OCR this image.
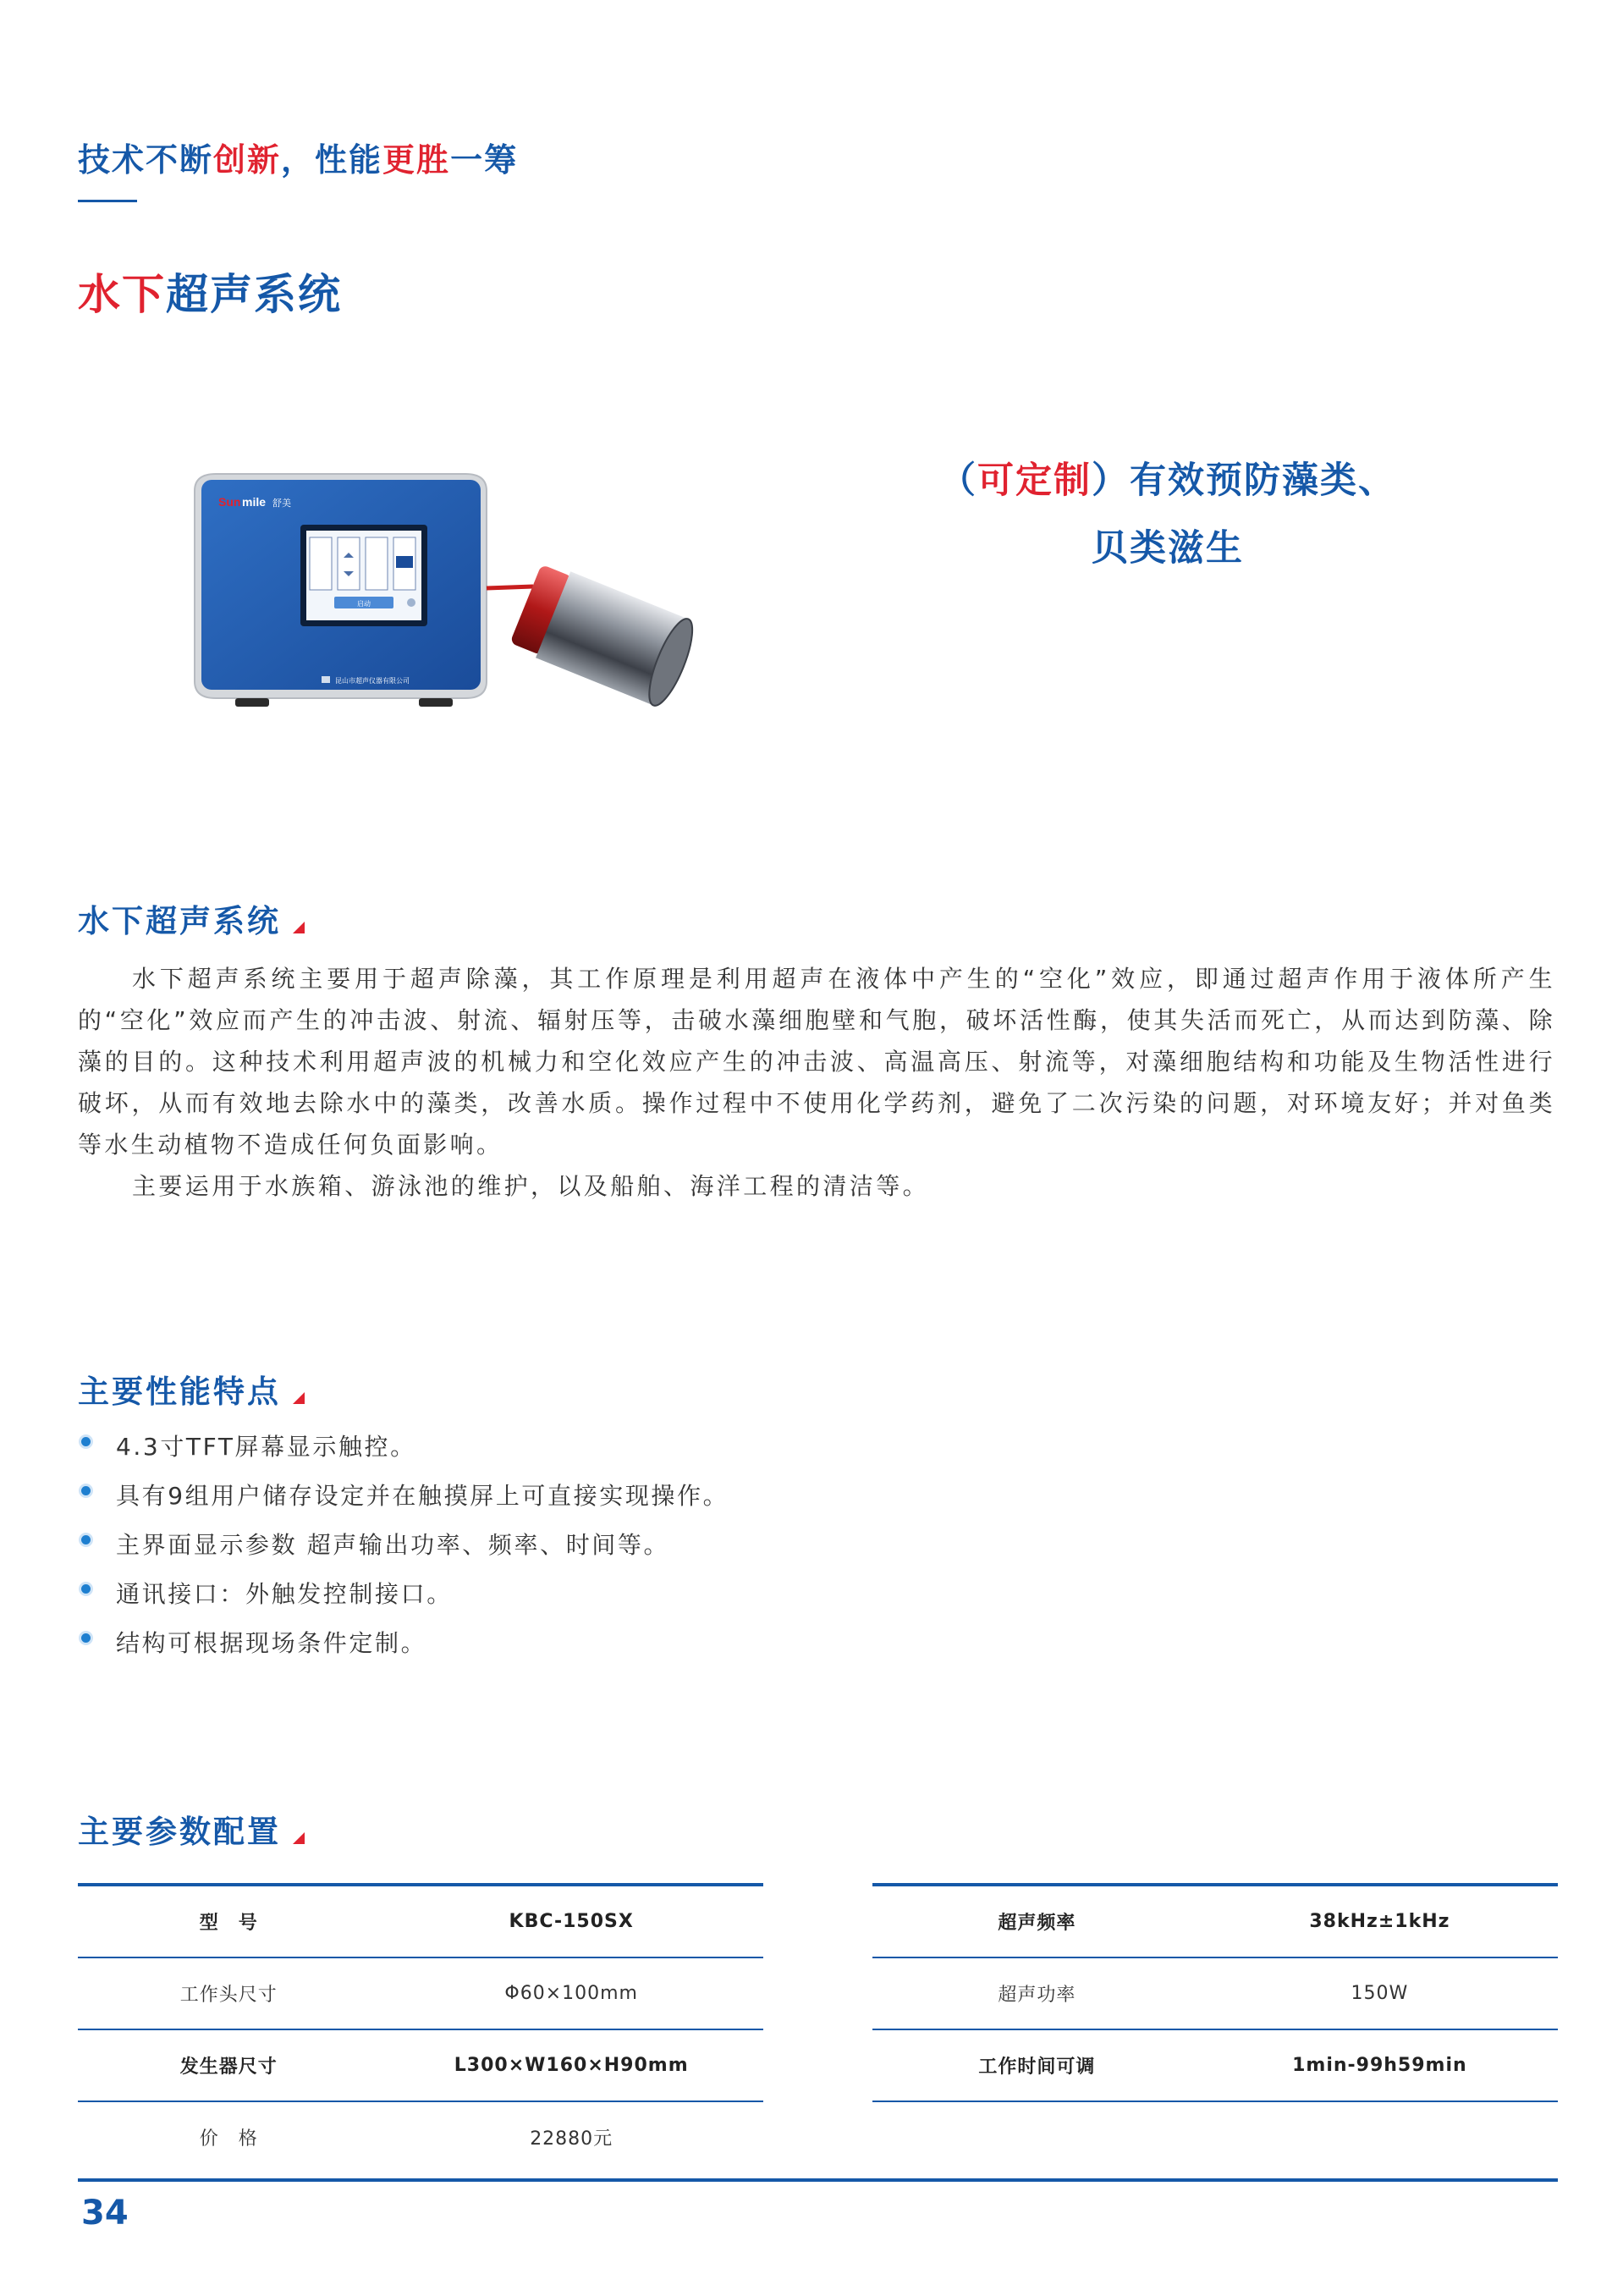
技术不断创新，性能更胜一筹
水下超声系统
Sun mile 舒美
启动
昆山市超声仪器有限公司
（可定制）有效预防藻类、
贝类滋生
水下超声系统

水下超声系统主要用于超声除藻，其工作原理是利用超声在液体中产生的“空化”效应，即通过超声作用于液体所产生的“空化”效应而产生的冲击波、射流、辐射压等，击破水藻细胞壁和气胞，破坏活性酶，使其失活而死亡，从而达到防藻、除藻的目的。这种技术利用超声波的机械力和空化效应产生的冲击波、高温高压、射流等，对藻细胞结构和功能及生物活性进行破坏，从而有效地去除水中的藻类，改善水质。操作过程中不使用化学药剂，避免了二次污染的问题，对环境友好；并对鱼类等水生动植物不造成任何负面影响。

主要运用于水族箱、游泳池的维护，以及船舶、海洋工程的清洁等。

主要性能特点
4.3寸TFT屏幕显示触控。
具有9组用户储存设定并在触摸屏上可直接实现操作。
主界面显示参数 超声输出功率、频率、时间等。
通讯接口：外触发控制接口。
结构可根据现场条件定制。
主要参数配置
型　号	KBC-150SX
工作头尺寸	Φ60×100mm
发生器尺寸	L300×W160×H90mm
价　格	22880元
超声频率	38kHz±1kHz
超声功率	150W
工作时间可调	1min-99h59min
34
